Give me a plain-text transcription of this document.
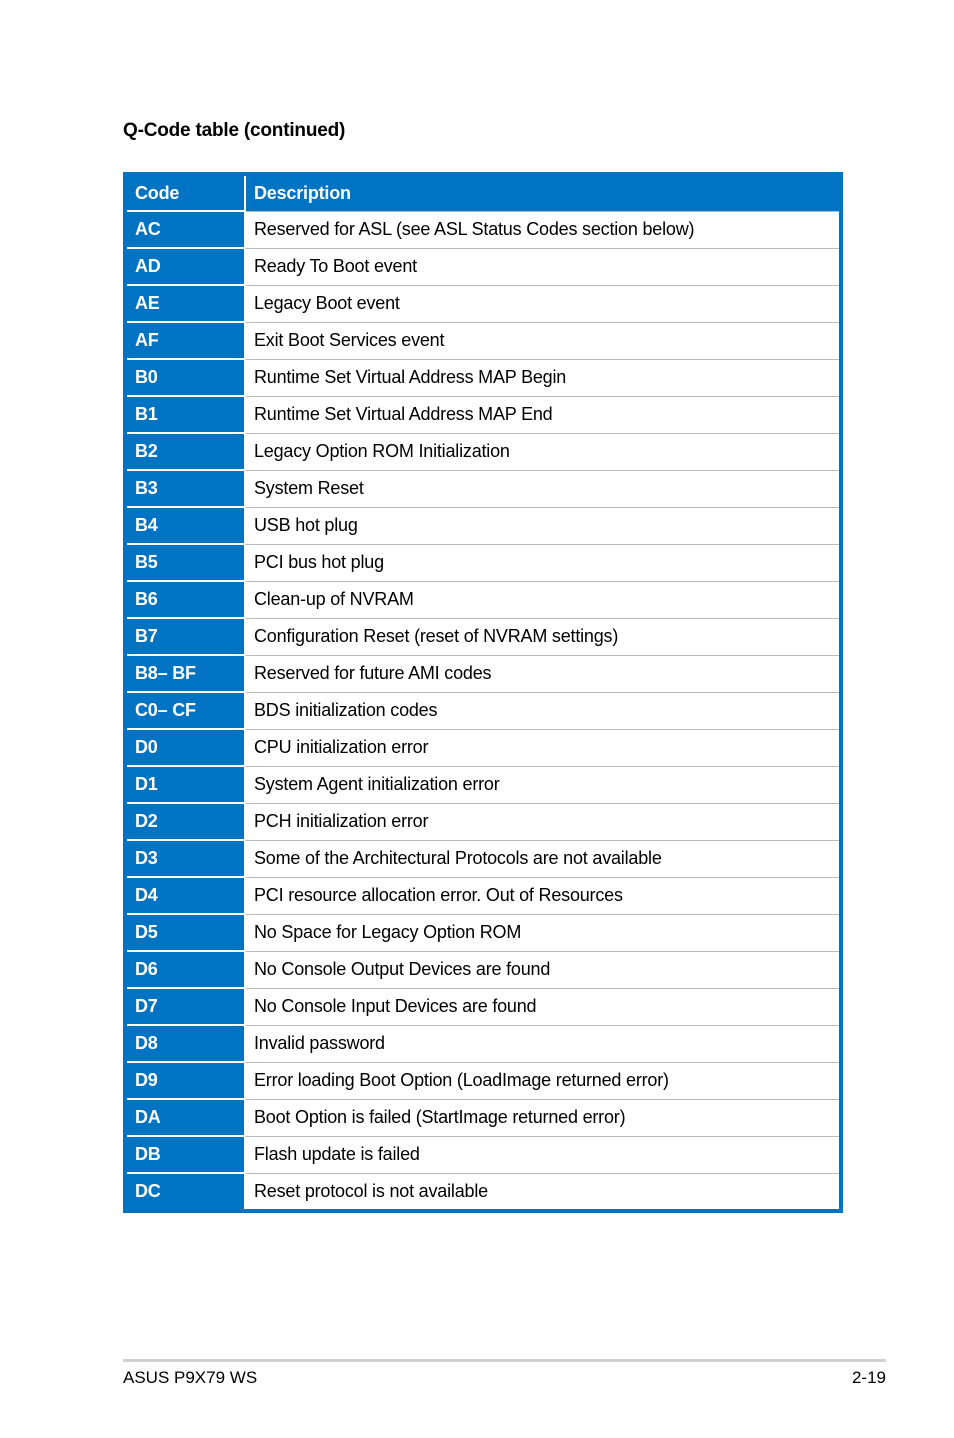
Q-Code table (continued)
Code	Description
AC	Reserved for ASL (see ASL Status Codes section below)
AD	Ready To Boot event
AE	Legacy Boot event
AF	Exit Boot Services event
B0	Runtime Set Virtual Address MAP Begin
B1	Runtime Set Virtual Address MAP End
B2	Legacy Option ROM Initialization
B3	System Reset
B4	USB hot plug
B5	PCI bus hot plug
B6	Clean-up of NVRAM
B7	Configuration Reset (reset of NVRAM settings)
B8– BF	Reserved for future AMI codes
C0– CF	BDS initialization codes
D0	CPU initialization error
D1	System Agent initialization error
D2	PCH initialization error
D3	Some of the Architectural Protocols are not available
D4	PCI resource allocation error. Out of Resources
D5	No Space for Legacy Option ROM
D6	No Console Output Devices are found
D7	No Console Input Devices are found
D8	Invalid password
D9	Error loading Boot Option (LoadImage returned error)
DA	Boot Option is failed (StartImage returned error)
DB	Flash update is failed
DC	Reset protocol is not available
ASUS P9X79 WS	2-19
